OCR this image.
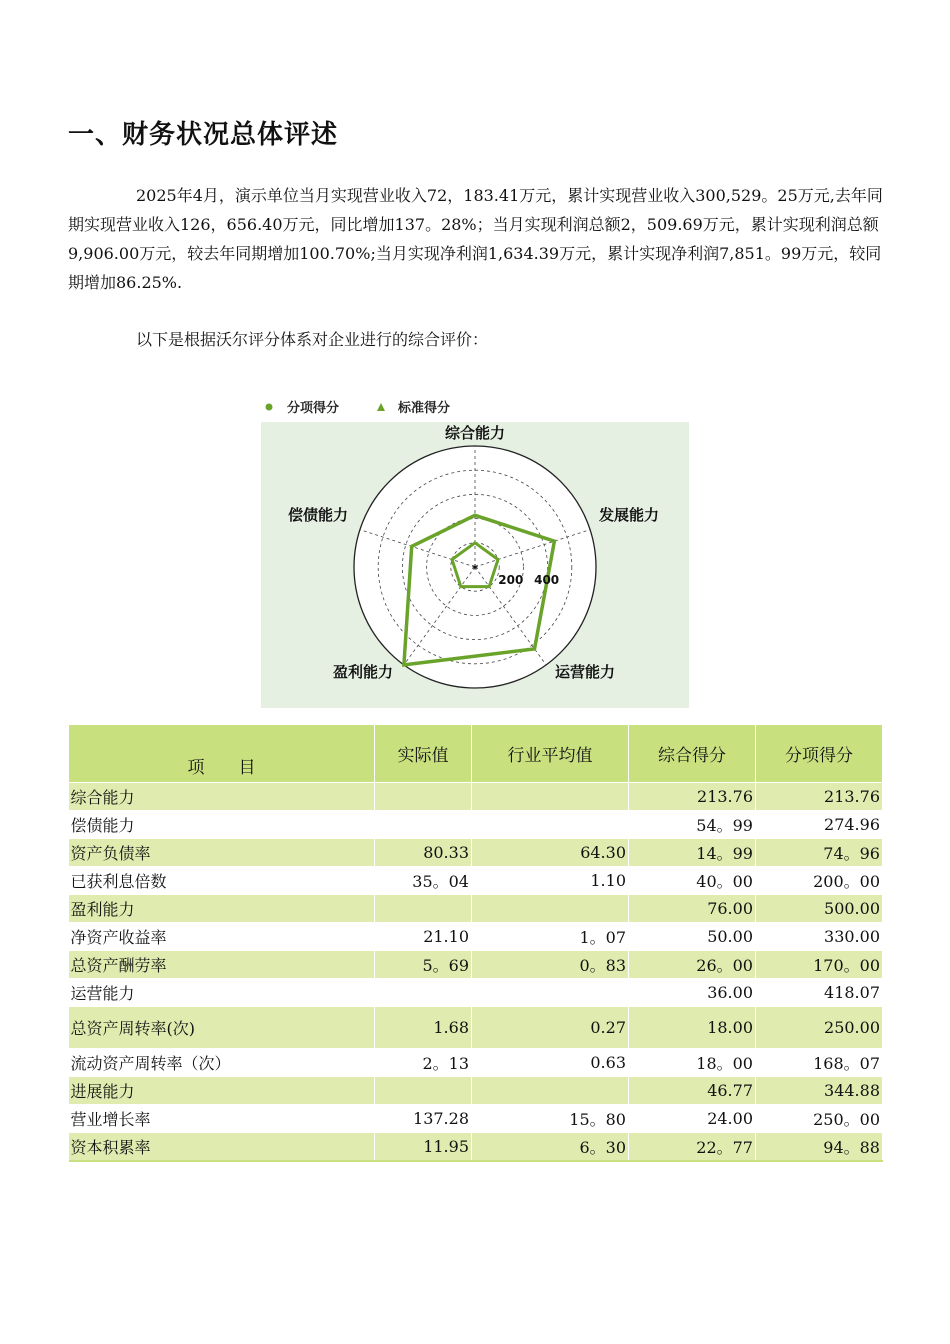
一、财务状况总体评述

2025年4月，演示单位当月实现营业收入72，183.41万元，累计实现营业收入300,529。25万元,去年同期实现营业收入126，656.40万元，同比增加137。28%；当月实现利润总额2，509.69万元，累计实现利润总额9,906.00万元，较去年同期增加100.70%;当月实现净利润1,634.39万元，累计实现净利润7,851。99万元，较同期增加86.25%.

以下是根据沃尔评分体系对企业进行的综合评价：

分项得分	标准得分
综合能力
发展能力
运营能力
盈利能力
偿债能力
200 400
*
项　　目	实际值	行业平均值	综合得分	分项得分
综合能力			213.76	213.76
偿债能力			54。99	274.96
资产负债率	80.33	64.30	14。99	74。96
已获利息倍数	35。04	1.10	40。00	200。00
盈利能力			76.00	500.00
净资产收益率	21.10	1。07	50.00	330.00
总资产酬劳率	5。69	0。83	26。00	170。00
运营能力			36.00	418.07
总资产周转率(次)	1.68	0.27	18.00	250.00
流动资产周转率（次）	2。13	0.63	18。00	168。07
进展能力			46.77	344.88
营业增长率	137.28	15。80	24.00	250。00
资本积累率	11.95	6。30	22。77	94。88
